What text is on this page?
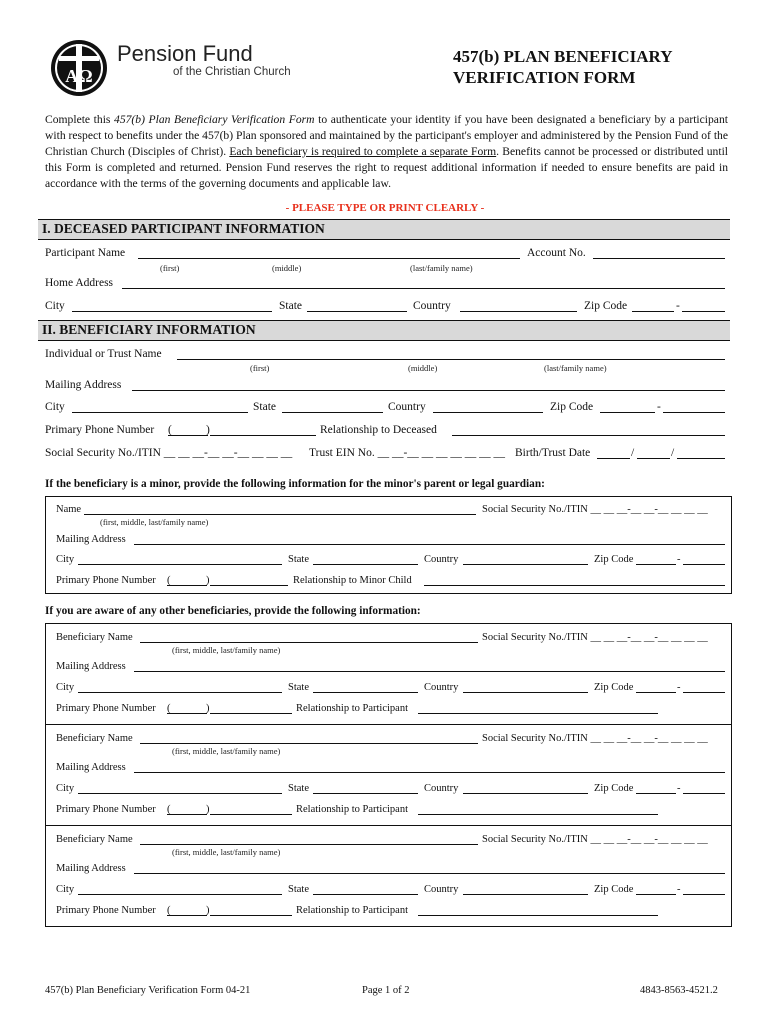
AΩ
Pension Fund
of the Christian Church
457(b) PLAN BENEFICIARY
VERIFICATION FORM
Complete this 457(b) Plan Beneficiary Verification Form to authenticate your identity if you have been designated a beneficiary by a participant with respect to benefits under the 457(b) Plan sponsored and maintained by the participant's employer and administered by the Pension Fund of the Christian Church (Disciples of Christ). Each beneficiary is required to complete a separate Form. Benefits cannot be processed or distributed until this Form is completed and returned. Pension Fund reserves the right to request additional information if needed to ensure benefits are paid in accordance with the terms of the governing documents and applicable law.
- PLEASE TYPE OR PRINT CLEARLY -
I. DECEASED PARTICIPANT INFORMATION
Participant Name
(first)	(middle)	(last/family name)
Account No.
Home Address
City	State	Country	Zip Code	-
II. BENEFICIARY INFORMATION
Individual or Trust Name
(first)	(middle)	(last/family name)
Mailing Address
City	State	Country	Zip Code	-
Primary Phone Number (	)	Relationship to Deceased
Social Security No./ITIN __ __ __-__ __-__ __ __ __ Trust EIN No. __ __-__ __ __ __ __ __ __ Birth/Trust Date	/	/
If the beneficiary is a minor, provide the following information for the minor's parent or legal guardian:
Name
(first, middle, last/family name)
Social Security No./ITIN __ __ __-__ __-__ __ __ __
Mailing Address
City	State	Country	Zip Code	-
Primary Phone Number (	)	Relationship to Minor Child
If you are aware of any other beneficiaries, provide the following information:
Beneficiary Name
(first, middle, last/family name)
Social Security No./ITIN __ __ __-__ __-__ __ __ __
Mailing Address
City	State	Country	Zip Code	-
Primary Phone Number (	)	Relationship to Participant
Beneficiary Name
(first, middle, last/family name)
Social Security No./ITIN __ __ __-__ __-__ __ __ __
Mailing Address
City	State	Country	Zip Code	-
Primary Phone Number (	)	Relationship to Participant
Beneficiary Name
(first, middle, last/family name)
Social Security No./ITIN __ __ __-__ __-__ __ __ __
Mailing Address
City	State	Country	Zip Code	-
Primary Phone Number (	)	Relationship to Participant
457(b) Plan Beneficiary Verification Form 04-21	Page 1 of 2	4843-8563-4521.2
